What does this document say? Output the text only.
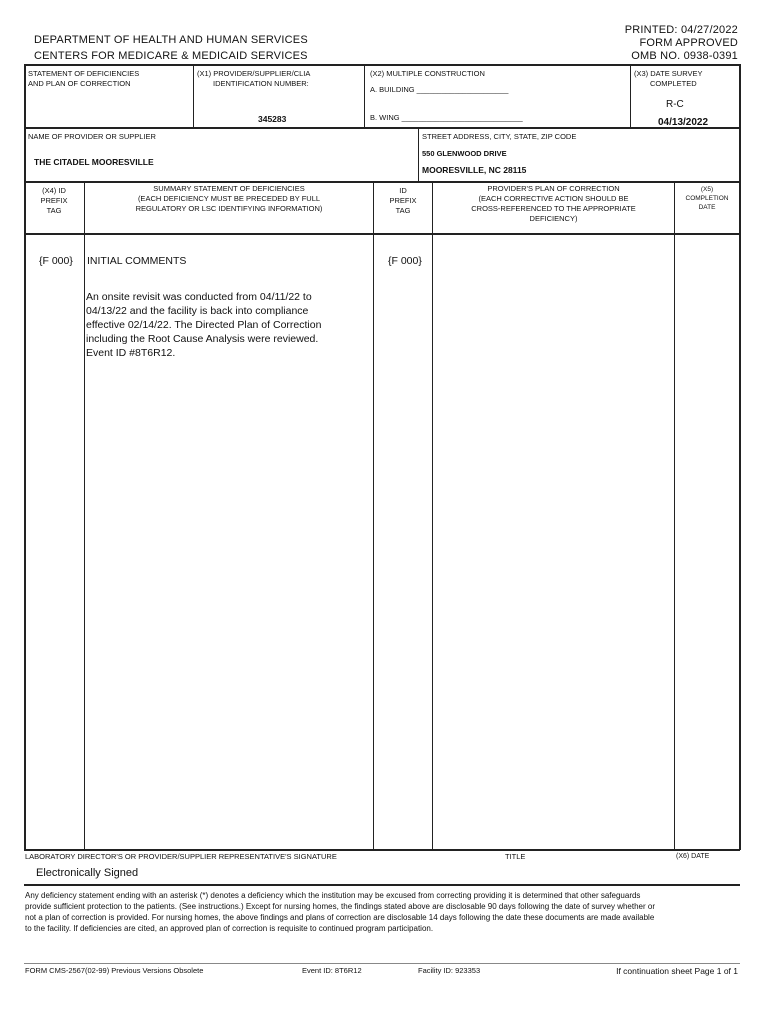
DEPARTMENT OF HEALTH AND HUMAN SERVICES
CENTERS FOR MEDICARE & MEDICAID SERVICES
PRINTED: 04/27/2022
FORM APPROVED
OMB NO. 0938-0391
STATEMENT OF DEFICIENCIES
AND PLAN OF CORRECTION
(X1) PROVIDER/SUPPLIER/CLIA
IDENTIFICATION NUMBER:
345283
(X2) MULTIPLE CONSTRUCTION
A. BUILDING ______________________
B. WING _____________________________
(X3) DATE SURVEY
COMPLETED
R-C
04/13/2022
NAME OF PROVIDER OR SUPPLIER
THE CITADEL MOORESVILLE
STREET ADDRESS, CITY, STATE, ZIP CODE
550 GLENWOOD DRIVE
MOORESVILLE, NC 28115
(X4) ID
PREFIX
TAG
SUMMARY STATEMENT OF DEFICIENCIES
(EACH DEFICIENCY MUST BE PRECEDED BY FULL
REGULATORY OR LSC IDENTIFYING INFORMATION)
ID
PREFIX
TAG
PROVIDER'S PLAN OF CORRECTION
(EACH CORRECTIVE ACTION SHOULD BE
CROSS-REFERENCED TO THE APPROPRIATE
DEFICIENCY)
(X5)
COMPLETION
DATE
{F 000} INITIAL COMMENTS	{F 000}
An onsite revisit was conducted from 04/11/22 to 04/13/22 and the facility is back into compliance effective 02/14/22. The Directed Plan of Correction including the Root Cause Analysis were reviewed. Event ID #8T6R12.
LABORATORY DIRECTOR'S OR PROVIDER/SUPPLIER REPRESENTATIVE'S SIGNATURE	TITLE	(X6) DATE
Electronically Signed
Any deficiency statement ending with an asterisk (*) denotes a deficiency which the institution may be excused from correcting providing it is determined that other safeguards provide sufficient protection to the patients. (See instructions.) Except for nursing homes, the findings stated above are disclosable 90 days following the date of survey whether or not a plan of correction is provided. For nursing homes, the above findings and plans of correction are disclosable 14 days following the date these documents are made available to the facility. If deficiencies are cited, an approved plan of correction is requisite to continued program participation.
FORM CMS-2567(02-99) Previous Versions Obsolete	Event ID: 8T6R12	Facility ID: 923353	If continuation sheet Page 1 of 1
